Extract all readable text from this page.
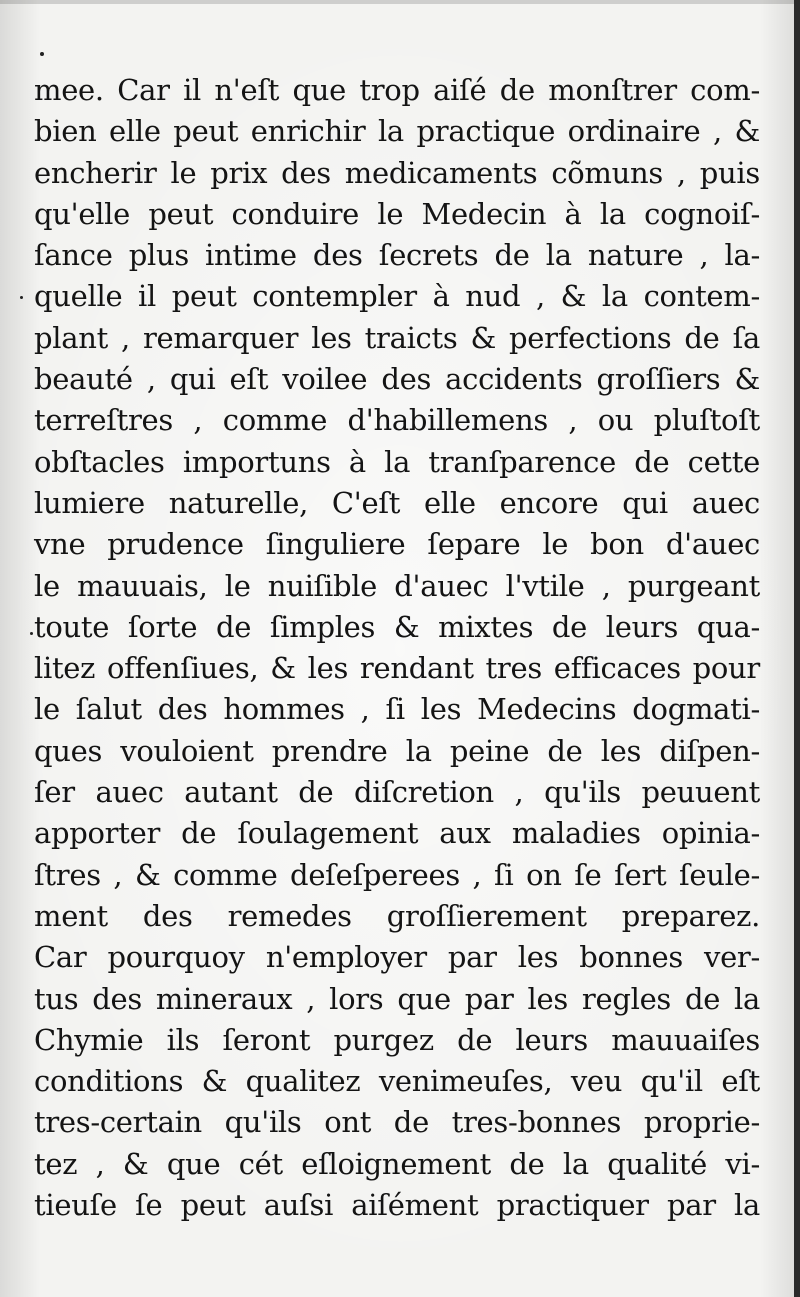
mee. Car il n'eſt que trop aiſé de monſtrer com-
bien elle peut enrichir la practique ordinaire , &
encherir le prix des medicaments cõmuns , puis
qu'elle peut conduire le Medecin à la cognoiſ-
ſance plus intime des ſecrets de la nature , la-
quelle il peut contempler à nud , & la contem-
plant , remarquer les traicts & perfections de ſa
beauté , qui eſt voilee des accidents groſſiers &
terreſtres , comme d'habillemens , ou pluſtoſt
obſtacles importuns à la tranſparence de cette
lumiere naturelle, C'eſt elle encore qui auec
vne prudence ſinguliere ſepare le bon d'auec
le mauuais, le nuiſible d'auec l'vtile , purgeant
toute ſorte de ſimples & mixtes de leurs qua-
litez offenſiues, & les rendant tres efficaces pour
le ſalut des hommes , ſi les Medecins dogmati-
ques vouloient prendre la peine de les diſpen-
ſer auec autant de diſcretion , qu'ils peuuent
apporter de ſoulagement aux maladies opinia-
ſtres , & comme deſeſperees , ſi on ſe ſert ſeule-
ment des remedes groſſierement preparez.
Car pourquoy n'employer par les bonnes ver-
tus des mineraux , lors que par les regles de la
Chymie ils ſeront purgez de leurs mauuaiſes
conditions & qualitez venimeuſes, veu qu'il eſt
tres-certain qu'ils ont de tres-bonnes proprie-
tez , & que cét eſloignement de la qualité vi-
tieuſe ſe peut auſsi aiſément practiquer par la
